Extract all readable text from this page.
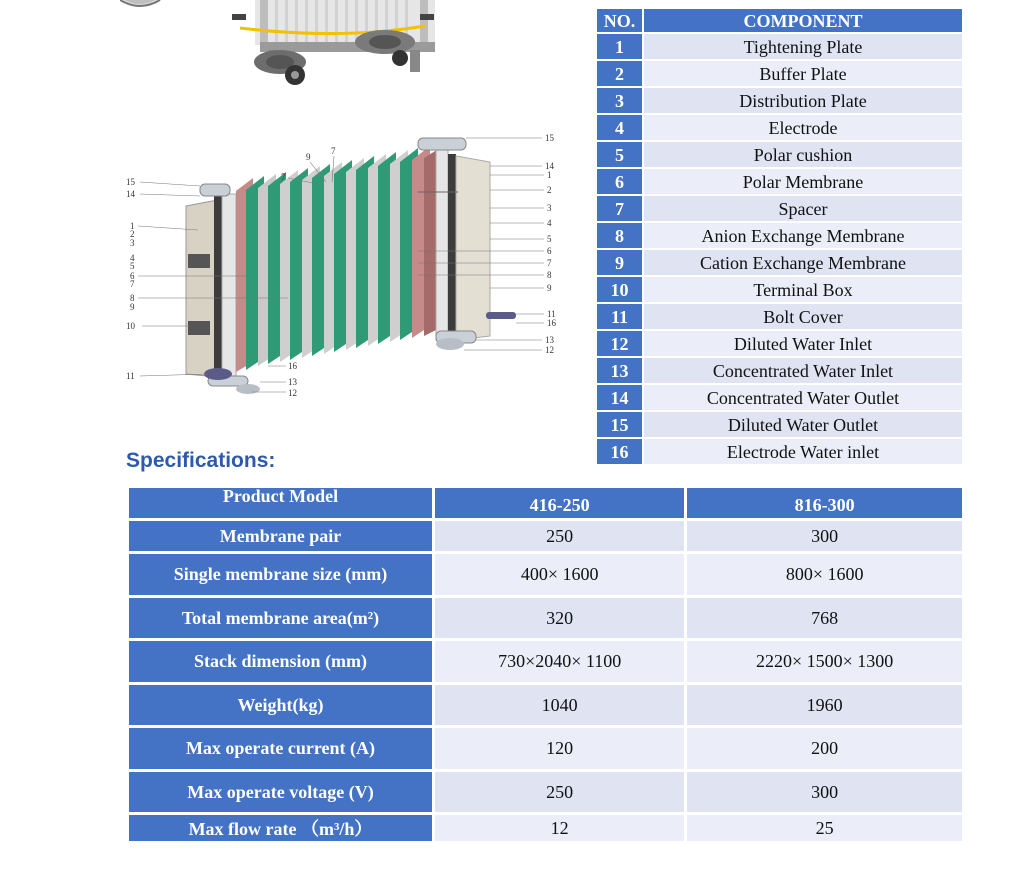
15
14
1
2
3
4
5
6
7
8
9
10
11
9
7
7
15
14
1
2
3
4
5
6
7
8
9
11
16
13
12
16
13
12
NO.	COMPONENT
1	Tightening Plate
2	Buffer Plate
3	Distribution Plate
4	Electrode
5	Polar cushion
6	Polar Membrane
7	Spacer
8	Anion Exchange Membrane
9	Cation Exchange Membrane
10	Terminal Box
11	Bolt Cover
12	Diluted Water Inlet
13	Concentrated Water Inlet
14	Concentrated Water Outlet
15	Diluted Water Outlet
16	Electrode Water inlet
Specifications:
Product Model	416-250	816-300
Membrane pair	250	300
Single membrane size (mm)	400× 1600	800× 1600
Total membrane area(m²)	320	768
Stack dimension (mm)	730×2040× 1100	2220× 1500× 1300
Weight(kg)	1040	1960
Max operate current (A)	120	200
Max operate voltage (V)	250	300
Max flow rate （m³/h）	12	25
